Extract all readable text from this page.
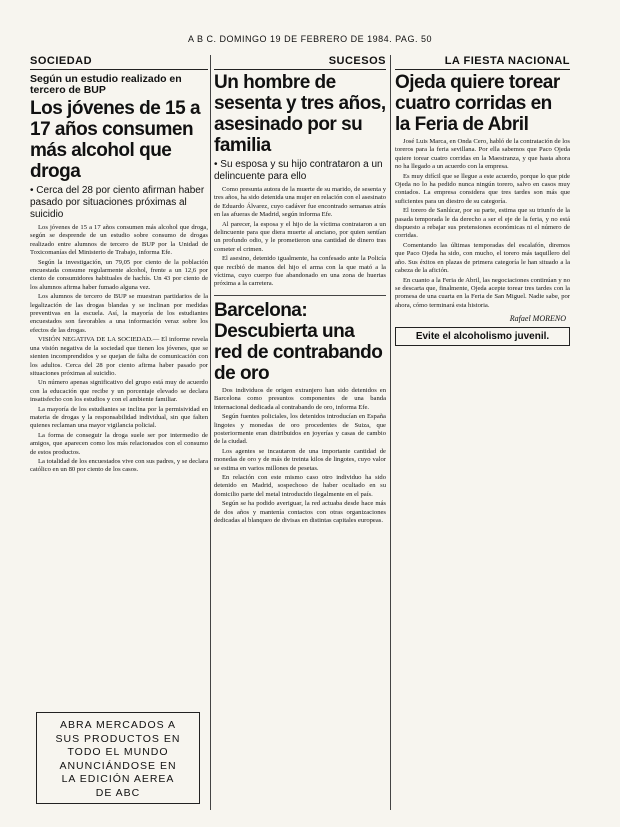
A B C. DOMINGO 19 DE FEBRERO DE 1984. PAG. 50
SOCIEDAD
Según un estudio realizado en tercero de BUP
Los jóvenes de 15 a 17 años consumen más alcohol que droga
• Cerca del 28 por ciento afirman haber pasado por situaciones próximas al suicidio

Los jóvenes de 15 a 17 años consumen más alcohol que droga, según se desprende de un estudio sobre consumo de drogas realizado entre alumnos de tercero de BUP por la Unidad de Toxicomanías del Ministerio de Trabajo, informa Efe.

Según la investigación, un 79,05 por ciento de la población encuestada consume regularmente alcohol, frente a un 12,6 por ciento de consumidores habituales de hachís. Un 43 por ciento de los alumnos afirma haber fumado alguna vez.

Los alumnos de tercero de BUP se muestran partidarios de la legalización de las drogas blandas y se inclinan por medidas preventivas en la escuela. Así, la mayoría de los estudiantes encuestados son favorables a una información veraz sobre los efectos de las drogas.

VISIÓN NEGATIVA DE LA SOCIEDAD.— El informe revela una visión negativa de la sociedad que tienen los jóvenes, que se sienten incomprendidos y se quejan de falta de comunicación con los adultos. Cerca del 28 por ciento afirma haber pasado por situaciones próximas al suicidio.

Un número apenas significativo del grupo está muy de acuerdo con la educación que recibe y un porcentaje elevado se declara insatisfecho con los estudios y con el ambiente familiar.

La mayoría de los estudiantes se inclina por la permisividad en materia de drogas y la responsabilidad individual, sin que falten quienes reclaman una mayor vigilancia policial.

La forma de conseguir la droga suele ser por intermedio de amigos, que aparecen como los más relacionados con el consumo de estos productos.

La totalidad de los encuestados vive con sus padres, y se declara católico en un 80 por ciento de los casos.

ABRA MERCADOS A
SUS PRODUCTOS EN
TODO EL MUNDO
ANUNCIÁNDOSE EN
LA EDICIÓN AEREA
DE ABC
SUCESOS
Un hombre de sesenta y tres años, asesinado por su familia
• Su esposa y su hijo contrataron a un delincuente para ello

Como presunta autora de la muerte de su marido, de sesenta y tres años, ha sido detenida una mujer en relación con el asesinato de Eduardo Álvarez, cuyo cadáver fue encontrado semanas atrás en las afueras de Madrid, según informa Efe.

Al parecer, la esposa y el hijo de la víctima contrataron a un delincuente para que diera muerte al anciano, por quien sentían un profundo odio, y le prometieron una cantidad de dinero tras cometer el crimen.

El asesino, detenido igualmente, ha confesado ante la Policía que recibió de manos del hijo el arma con la que mató a la víctima, cuyo cuerpo fue abandonado en una zona de huertas próxima a la carretera.

Barcelona: Descubierta una red de contrabando de oro

Dos individuos de origen extranjero han sido detenidos en Barcelona como presuntos componentes de una banda internacional dedicada al contrabando de oro, informa Efe.

Según fuentes policiales, los detenidos introducían en España lingotes y monedas de oro procedentes de Suiza, que posteriormente eran distribuidos en joyerías y casas de cambio de la ciudad.

Los agentes se incautaron de una importante cantidad de monedas de oro y de más de treinta kilos de lingotes, cuyo valor se estima en varios millones de pesetas.

En relación con este mismo caso otro individuo ha sido detenido en Madrid, sospechoso de haber ocultado en su domicilio parte del metal introducido ilegalmente en el país.

Según se ha podido averiguar, la red actuaba desde hace más de dos años y mantenía contactos con otras organizaciones dedicadas al blanqueo de divisas en distintas capitales europeas.

LA FIESTA NACIONAL
Ojeda quiere torear cuatro corridas en la Feria de Abril

José Luis Marca, en Onda Cero, habló de la contratación de los toreros para la feria sevillana. Por ella sabemos que Paco Ojeda quiere torear cuatro corridas en la Maestranza, y que hasta ahora no ha llegado a un acuerdo con la empresa.

Es muy difícil que se llegue a este acuerdo, porque lo que pide Ojeda no lo ha pedido nunca ningún torero, salvo en casos muy contados. La empresa considera que tres tardes son más que suficientes para un diestro de su categoría.

El torero de Sanlúcar, por su parte, estima que su triunfo de la pasada temporada le da derecho a ser el eje de la feria, y no está dispuesto a rebajar sus pretensiones económicas ni el número de corridas.

Comentando las últimas temporadas del escalafón, diremos que Paco Ojeda ha sido, con mucho, el torero más taquillero del año. Sus éxitos en plazas de primera categoría le han situado a la cabeza de la afición.

En cuanto a la Feria de Abril, las negociaciones continúan y no se descarta que, finalmente, Ojeda acepte torear tres tardes con la promesa de una cuarta en la Feria de San Miguel. Nadie sabe, por ahora, cómo terminará esta historia.

Rafael MORENO
Evite el alcoholismo juvenil.
